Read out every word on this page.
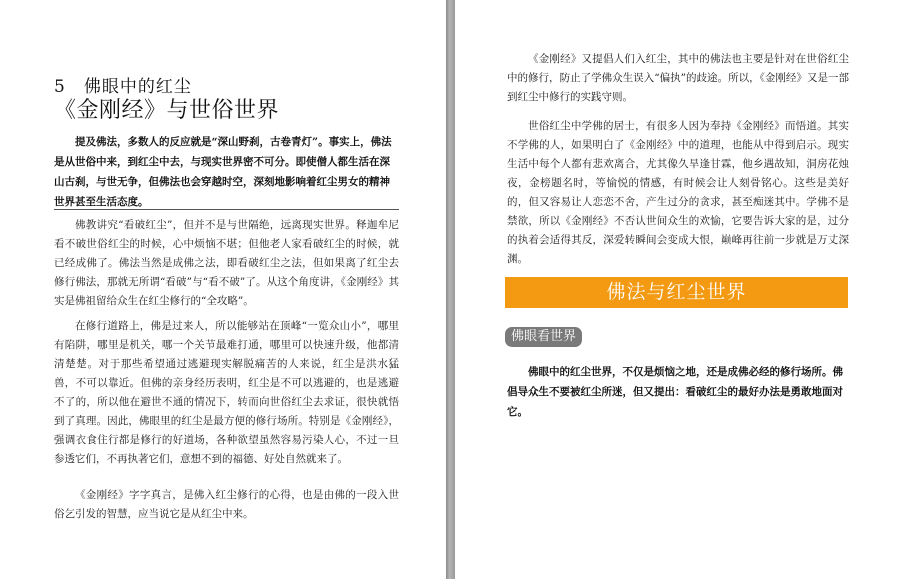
5　佛眼中的红尘
《金刚经》与世俗世界

提及佛法，多数人的反应就是“深山野刹，古卷青灯”。事实上，佛法是从世俗中来，到红尘中去，与现实世界密不可分。即使僧人都生活在深山古刹，与世无争，但佛法也会穿越时空，深刻地影响着红尘男女的精神世界甚至生活态度。

佛教讲究“看破红尘”，但并不是与世隔绝，远离现实世界。释迦牟尼看不破世俗红尘的时候，心中烦恼不堪；但他老人家看破红尘的时候，就已经成佛了。佛法当然是成佛之法，即看破红尘之法，但如果离了红尘去修行佛法，那就无所谓“看破”与“看不破”了。从这个角度讲，《金刚经》其实是佛祖留给众生在红尘修行的“全攻略”。

在修行道路上，佛是过来人，所以能够站在顶峰“一览众山小”，哪里有陷阱，哪里是机关，哪一个关节最难打通，哪里可以快速升级，他都清清楚楚。对于那些希望通过逃避现实解脱痛苦的人来说，红尘是洪水猛兽，不可以靠近。但佛的亲身经历表明，红尘是不可以逃避的，也是逃避不了的，所以他在避世不通的情况下，转而向世俗红尘去求证，很快就悟到了真理。因此，佛眼里的红尘是最方便的修行场所。特别是《金刚经》，强调衣食住行都是修行的好道场，各种欲望虽然容易污染人心，不过一旦参透它们，不再执著它们，意想不到的福德、好处自然就来了。

《金刚经》字字真言，是佛入红尘修行的心得，也是由佛的一段入世俗乞引发的智慧，应当说它是从红尘中来。

《金刚经》又提倡人们入红尘，其中的佛法也主要是针对在世俗红尘中的修行，防止了学佛众生误入“偏执”的歧途。所以，《金刚经》又是一部到红尘中修行的实践守则。

世俗红尘中学佛的居士，有很多人因为奉持《金刚经》而悟道。其实不学佛的人，如果明白了《金刚经》中的道理，也能从中得到启示。现实生活中每个人都有悲欢离合，尤其像久旱逢甘霖，他乡遇故知，洞房花烛夜，金榜题名时，等愉悦的情感，有时候会让人刻骨铭心。这些是美好的，但又容易让人恋恋不舍，产生过分的贪求，甚至痴迷其中。学佛不是禁欲，所以《金刚经》不否认世间众生的欢愉，它要告诉大家的是，过分的执着会适得其反，深爱转瞬间会变成大恨，巅峰再往前一步就是万丈深渊。

佛法与红尘世界
佛眼看世界

佛眼中的红尘世界，不仅是烦恼之地，还是成佛必经的修行场所。佛倡导众生不要被红尘所迷，但又提出：看破红尘的最好办法是勇敢地面对它。
